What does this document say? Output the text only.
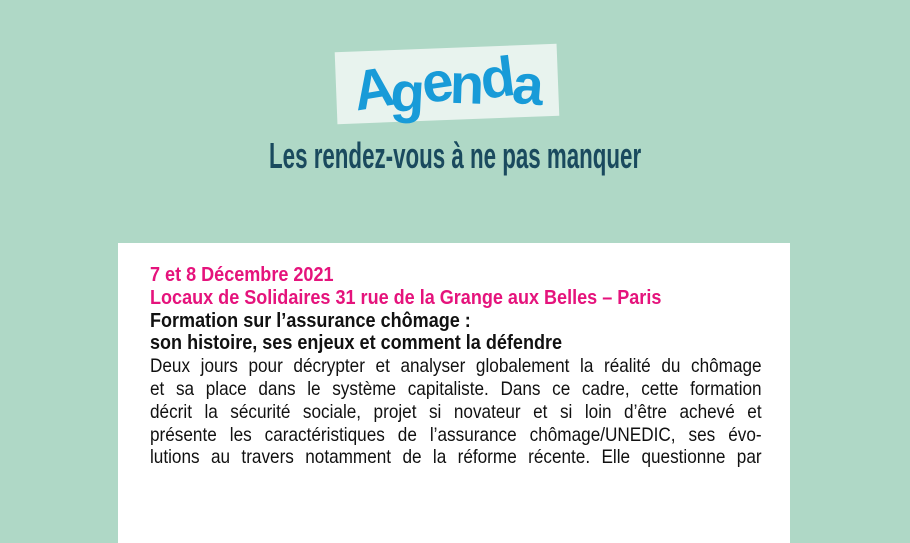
Agenda
Les rendez-vous à ne pas manquer
7 et 8 Décembre 2021
Locaux de Solidaires 31 rue de la Grange aux Belles – Paris
Formation sur l’assurance chômage :
son histoire, ses enjeux et comment la défendre
Deux jours pour décrypter et analyser globalement la réalité du chômage
et sa place dans le système capitaliste. Dans ce cadre, cette formation
décrit la sécurité sociale, projet si novateur et si loin d’être achevé et
présente les caractéristiques de l’assurance chômage/UNEDIC, ses évo-
lutions au travers notamment de la réforme récente. Elle questionne par
